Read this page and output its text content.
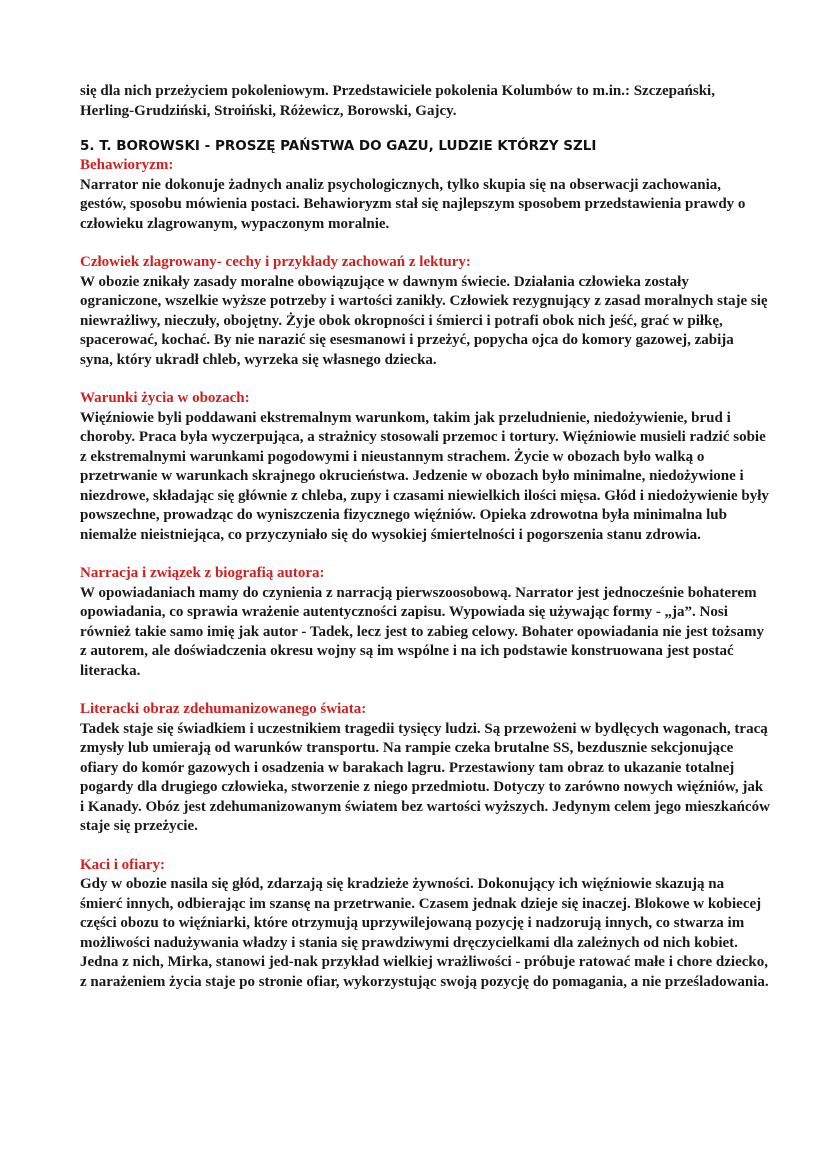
się dla nich przeżyciem pokoleniowym. Przedstawiciele pokolenia Kolumbów to m.in.: Szczepański, Herling-Grudziński, Stroiński, Różewicz, Borowski, Gajcy.

5. T. BOROWSKI - PROSZĘ PAŃSTWA DO GAZU, LUDZIE KTÓRZY SZLI

Behawioryzm:

Narrator nie dokonuje żadnych analiz psychologicznych, tylko skupia się na obserwacji zachowania, gestów, sposobu mówienia postaci. Behawioryzm stał się najlepszym sposobem przedstawienia prawdy o człowieku zlagrowanym, wypaczonym moralnie.

Człowiek zlagrowany- cechy i przykłady zachowań z lektury:

W obozie znikały zasady moralne obowiązujące w dawnym świecie. Działania człowieka zostały ograniczone, wszelkie wyższe potrzeby i wartości zanikły. Człowiek rezygnujący z zasad moralnych staje się niewrażliwy, nieczuły, obojętny. Żyje obok okropności i śmierci i potrafi obok nich jeść, grać w piłkę, spacerować, kochać. By nie narazić się esesmanowi i przeżyć, popycha ojca do komory gazowej, zabija syna, który ukradł chleb, wyrzeka się własnego dziecka.

Warunki życia w obozach:

Więźniowie byli poddawani ekstremalnym warunkom, takim jak przeludnienie, niedożywienie, brud i choroby. Praca była wyczerpująca, a strażnicy stosowali przemoc i tortury. Więźniowie musieli radzić sobie z ekstremalnymi warunkami pogodowymi i nieustannym strachem. Życie w obozach było walką o przetrwanie w warunkach skrajnego okrucieństwa. Jedzenie w obozach było minimalne, niedożywione i niezdrowe, składając się głównie z chleba, zupy i czasami niewielkich ilości mięsa. Głód i niedożywienie były powszechne, prowadząc do wyniszczenia fizycznego więźniów. Opieka zdrowotna była minimalna lub niemalże nieistniejąca, co przyczyniało się do wysokiej śmiertelności i pogorszenia stanu zdrowia.

Narracja i związek z biografią autora:

W opowiadaniach mamy do czynienia z narracją pierwszoosobową. Narrator jest jednocześnie bohaterem opowiadania, co sprawia wrażenie autentyczności zapisu. Wypowiada się używając formy - „ja”. Nosi również takie samo imię jak autor - Tadek, lecz jest to zabieg celowy. Bohater opowiadania nie jest tożsamy z autorem, ale doświadczenia okresu wojny są im wspólne i na ich podstawie konstruowana jest postać literacka.

Literacki obraz zdehumanizowanego świata:

Tadek staje się świadkiem i uczestnikiem tragedii tysięcy ludzi. Są przewożeni w bydlęcych wagonach, tracą zmysły lub umierają od warunków transportu. Na rampie czeka brutalne SS, bezdusznie sekcjonujące ofiary do komór gazowych i osadzenia w barakach lagru. Przestawiony tam obraz to ukazanie totalnej pogardy dla drugiego człowieka, stworzenie z niego przedmiotu. Dotyczy to zarówno nowych więźniów, jak i Kanady. Obóz jest zdehumanizowanym światem bez wartości wyższych. Jedynym celem jego mieszkańców staje się przeżycie.

Kaci i ofiary:

Gdy w obozie nasila się głód, zdarzają się kradzieże żywności. Dokonujący ich więźniowie skazują na śmierć innych, odbierając im szansę na przetrwanie. Czasem jednak dzieje się inaczej. Blokowe w kobiecej części obozu to więźniarki, które otrzymują uprzywilejowaną pozycję i nadzorują innych, co stwarza im możliwości nadużywania władzy i stania się prawdziwymi dręczycielkami dla zależnych od nich kobiet. Jedna z nich, Mirka, stanowi jed-nak przykład wielkiej wrażliwości - próbuje ratować małe i chore dziecko, z narażeniem życia staje po stronie ofiar, wykorzystując swoją pozycję do pomagania, a nie prześladowania.
